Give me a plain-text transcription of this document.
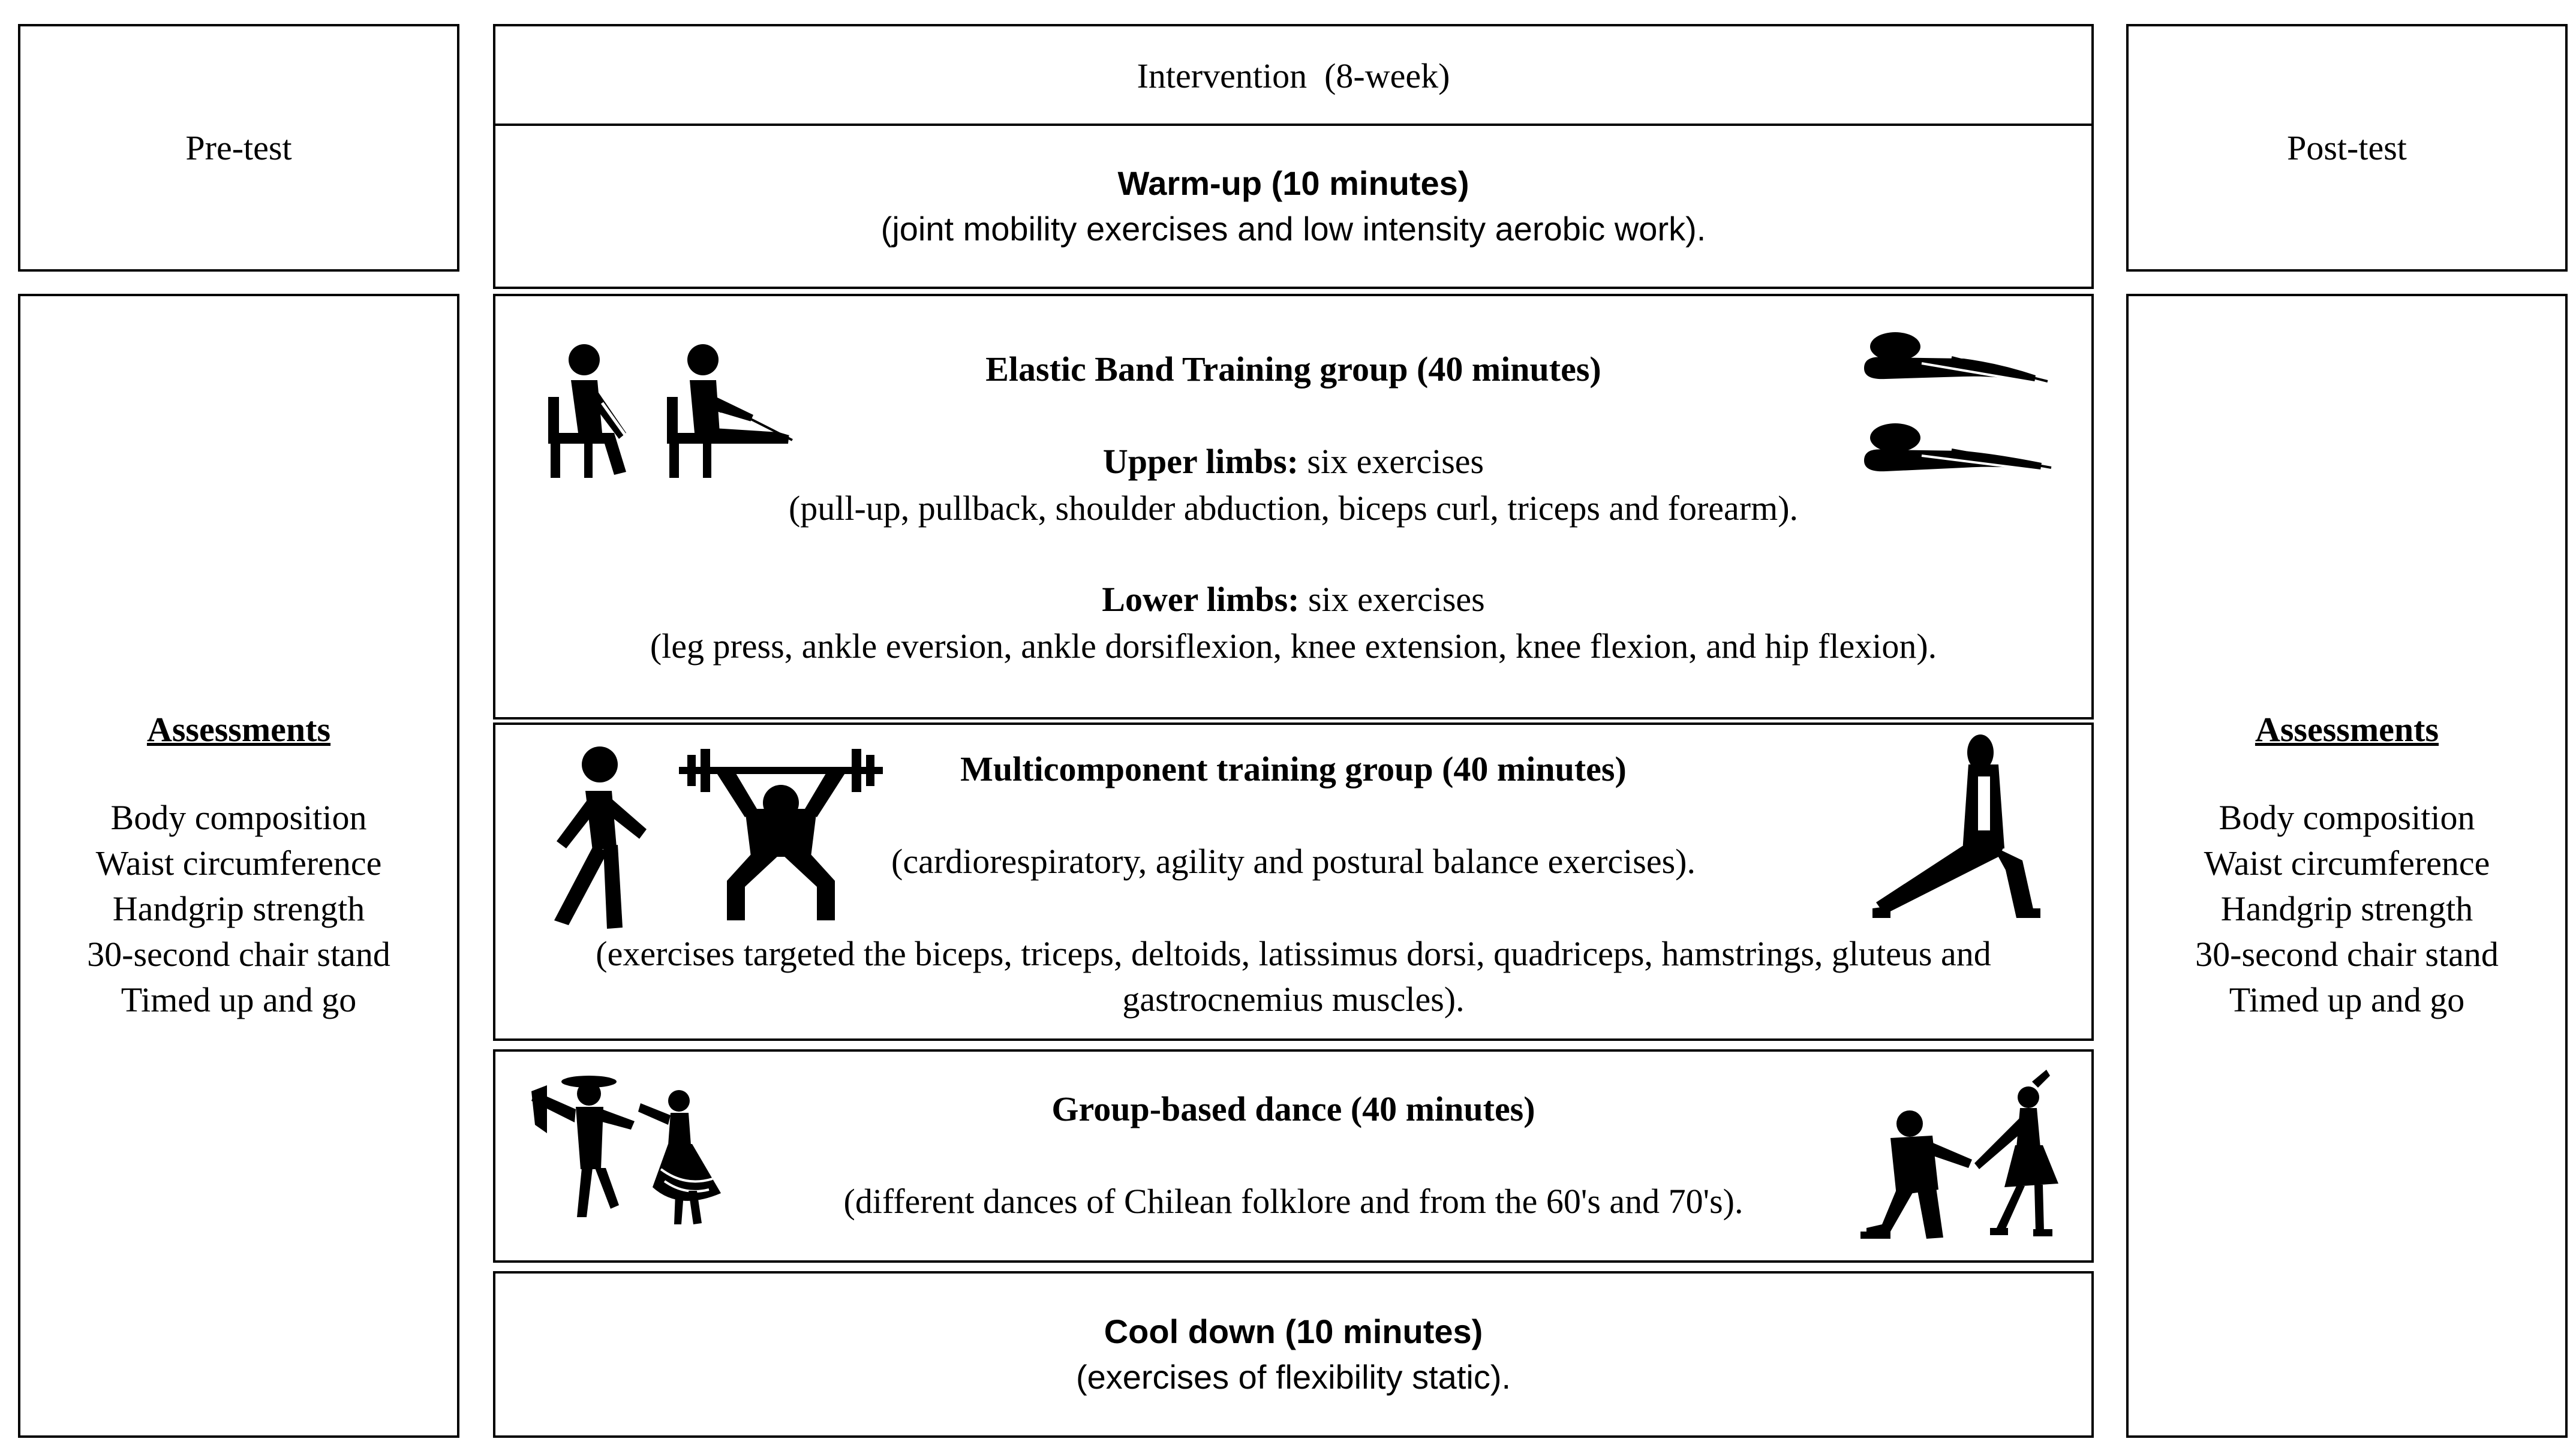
Pre-test
Intervention  (8-week)
Post-test
Warm-up (10 minutes)
(joint mobility exercises and low intensity aerobic work).
Assessments
Body composition
Waist circumference
Handgrip strength
30-second chair stand
Timed up and go
Assessments
Body composition
Waist circumference
Handgrip strength
30-second chair stand
Timed up and go
Elastic Band Training group (40 minutes)
Upper limbs: six exercises
(pull-up, pullback, shoulder abduction, biceps curl, triceps and forearm).
Lower limbs: six exercises
(leg press, ankle eversion, ankle dorsiflexion, knee extension, knee flexion, and hip flexion).
Multicomponent training group (40 minutes)
(cardiorespiratory, agility and postural balance exercises).
(exercises targeted the biceps, triceps, deltoids, latissimus dorsi, quadriceps, hamstrings, gluteus and
gastrocnemius muscles).
Group-based dance (40 minutes)
(different dances of Chilean folklore and from the 60's and 70's).
Cool down (10 minutes)
(exercises of flexibility static).
